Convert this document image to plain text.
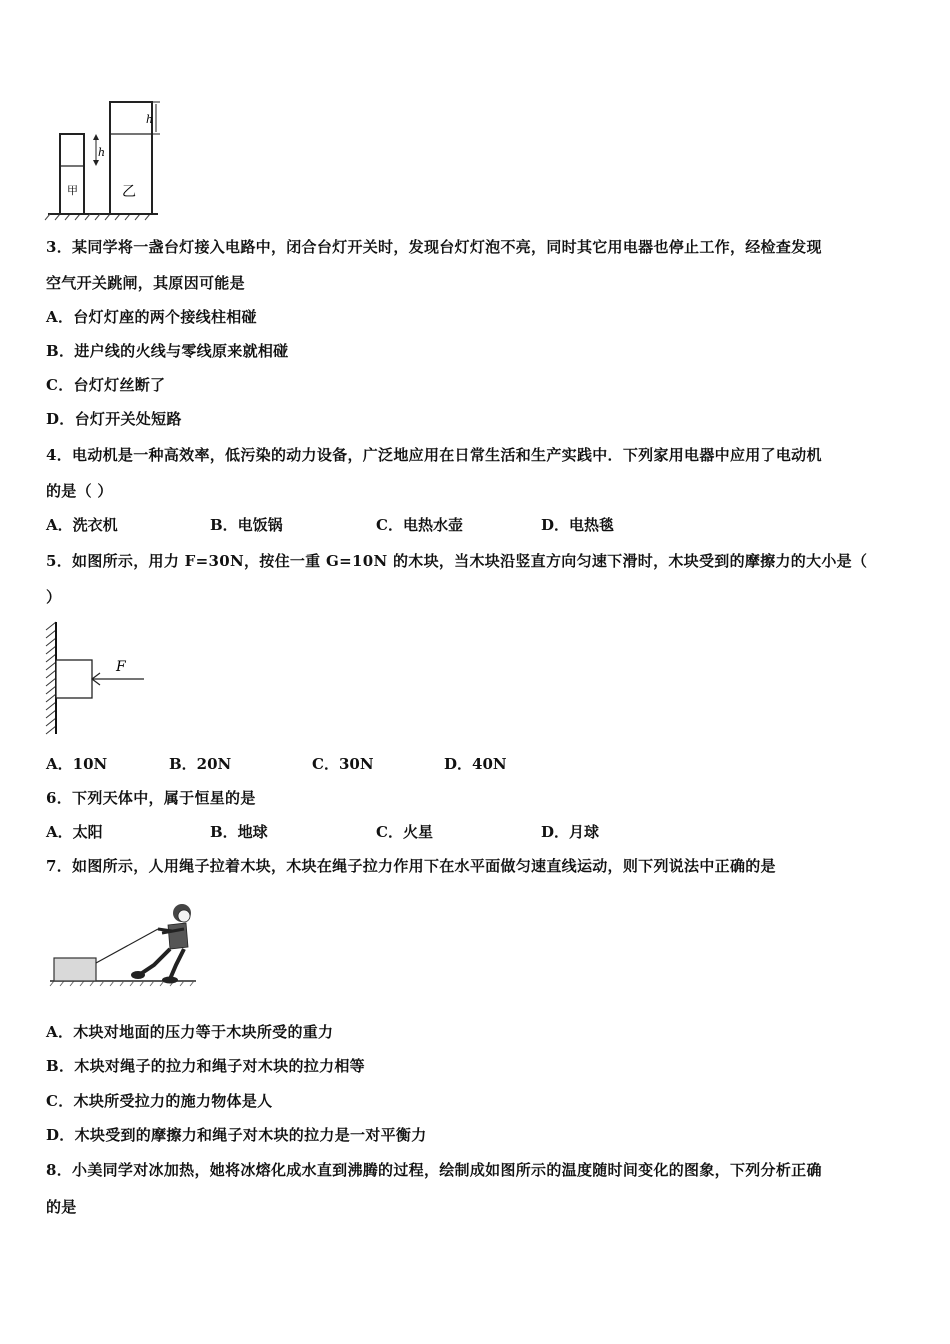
h
h
甲	乙
3．某同学将一盏台灯接入电路中，闭合台灯开关时，发现台灯灯泡不亮，同时其它用电器也停止工作，经检查发现
空气开关跳闸，其原因可能是
A．台灯灯座的两个接线柱相碰
B．进户线的火线与零线原来就相碰
C．台灯灯丝断了
D．台灯开关处短路
4．电动机是一种高效率，低污染的动力设备，广泛地应用在日常生活和生产实践中．下列家用电器中应用了电动机
的是（ ）
A．洗衣机	B．电饭锅	C．电热水壶	D．电热毯
5．如图所示，用力 F=30N，按住一重 G=10N 的木块，当木块沿竖直方向匀速下滑时，木块受到的摩擦力的大小是（
）
F
A．10N	B．20N	C．30N	D．40N
6．下列天体中，属于恒星的是
A．太阳	B．地球	C．火星	D．月球
7．如图所示，人用绳子拉着木块，木块在绳子拉力作用下在水平面做匀速直线运动，则下列说法中正确的是
A．木块对地面的压力等于木块所受的重力
B．木块对绳子的拉力和绳子对木块的拉力相等
C．木块所受拉力的施力物体是人
D．木块受到的摩擦力和绳子对木块的拉力是一对平衡力
8．小美同学对冰加热，她将冰熔化成水直到沸腾的过程，绘制成如图所示的温度随时间变化的图象，下列分析正确
的是
